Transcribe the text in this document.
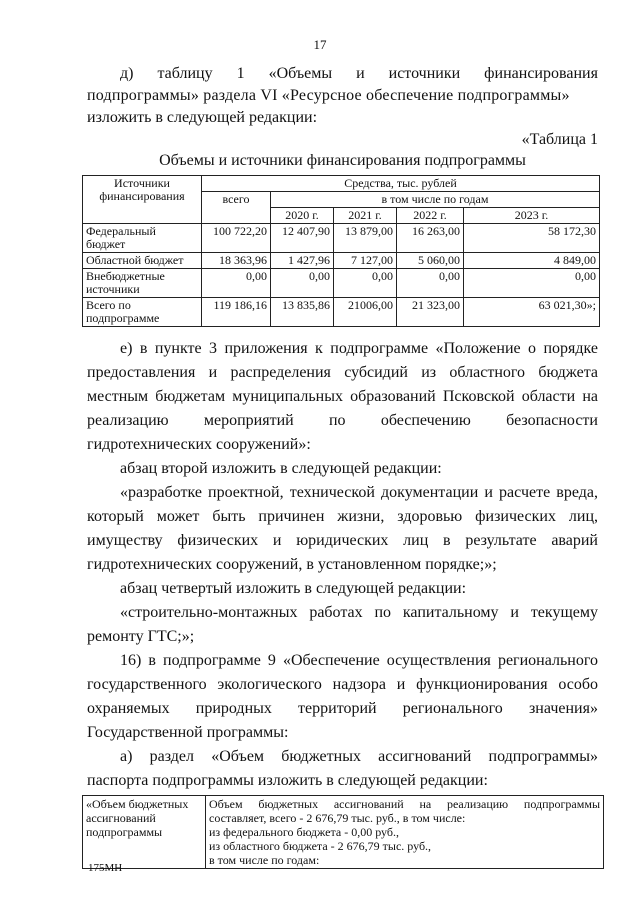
17
д) таблицу 1 «Объемы и источники финансирования
подпрограммы» раздела VI «Ресурсное обеспечение подпрограммы»
изложить в следующей редакции:
«Таблица 1
Объемы и источники финансирования подпрограммы
Источники финансирования	Средства, тыс. рублей				
	всего	в том числе по годам			
		2020 г.	2021 г.	2022 г.	2023 г.
Федеральный бюджет	100 722,20	12 407,90	13 879,00	16 263,00	58 172,30
Областной бюджет	18 363,96	1 427,96	7 127,00	5 060,00	4 849,00
Внебюджетные источники	0,00	0,00	0,00	0,00	0,00
Всего по подпрограмме	119 186,16	13 835,86	21006,00	21 323,00	63 021,30»;
е) в пункте 3 приложения к подпрограмме «Положение о порядке
предоставления и распределения субсидий из областного бюджета
местным бюджетам муниципальных образований Псковской области на
реализацию мероприятий по обеспечению безопасности
гидротехнических сооружений»:
абзац второй изложить в следующей редакции:
«разработке проектной, технической документации и расчете вреда,
который может быть причинен жизни, здоровью физических лиц,
имуществу физических и юридических лиц в результате аварий
гидротехнических сооружений, в установленном порядке;»;
абзац четвертый изложить в следующей редакции:
«строительно-монтажных работах по капитальному и текущему
ремонту ГТС;»;
16) в подпрограмме 9 «Обеспечение осуществления регионального
государственного экологического надзора и функционирования особо
охраняемых природных территорий регионального значения»
Государственной программы:
а) раздел «Объем бюджетных ассигнований подпрограммы»
паспорта подпрограммы изложить в следующей редакции:
«Объем бюджетных ассигнований подпрограммы	
Объем бюджетных ассигнований на реализацию подпрограммы
составляет, всего - 2 676,79 тыс. руб., в том числе:
из федерального бюджета - 0,00 руб.,
из областного бюджета - 2 676,79 тыс. руб.,
в том числе по годам:
175МН
